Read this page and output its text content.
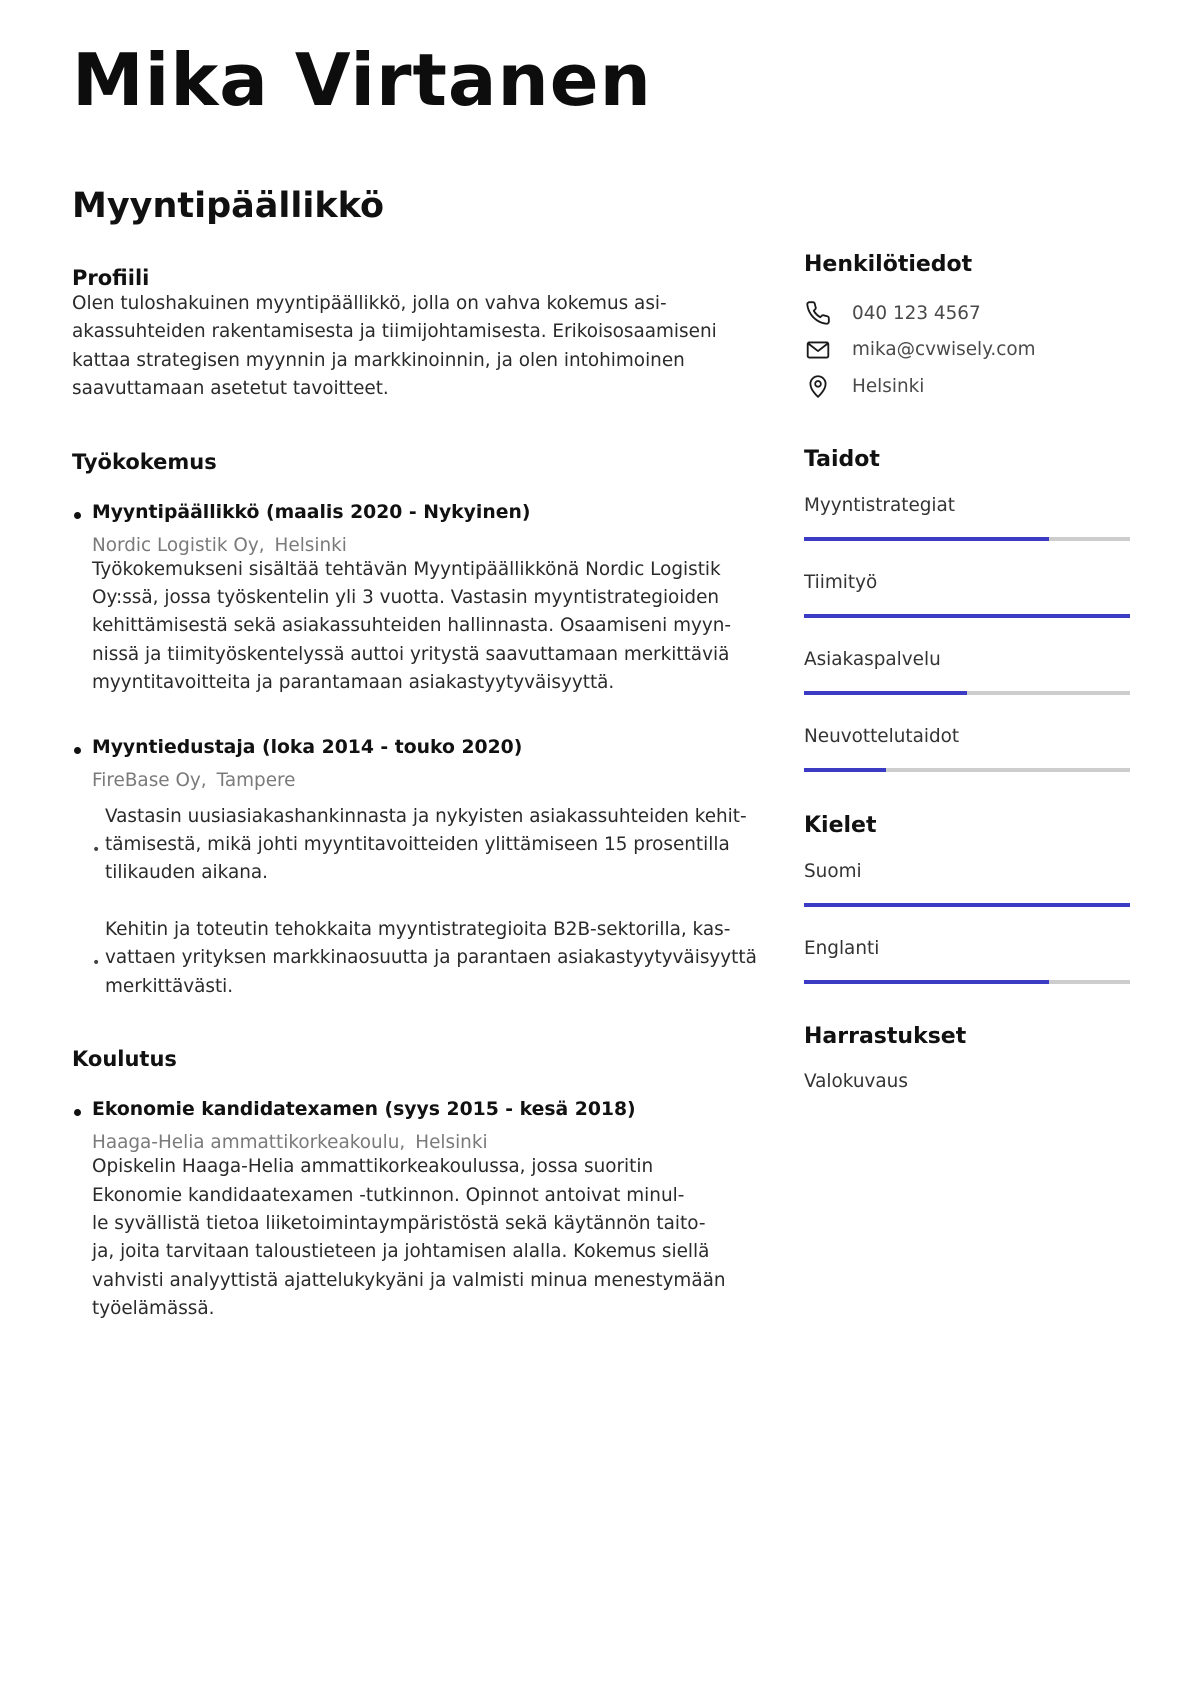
Mika Virtanen
Myyntipäällikkö
Profiili

Olen tuloshakuinen myyntipäällikkö, jolla on vahva kokemus asi-
akassuhteiden rakentamisesta ja tiimijohtamisesta. Erikoisosaamiseni
kattaa strategisen myynnin ja markkinoinnin, ja olen intohimoinen
saavuttamaan asetetut tavoitteet.

Työkokemus
Myyntipäällikkö (maalis 2020 - Nykyinen)
Nordic Logistik Oy, Helsinki

Työkokemukseni sisältää tehtävän Myyntipäällikkönä Nordic Logistik
Oy:ssä, jossa työskentelin yli 3 vuotta. Vastasin myyntistrategioiden
kehittämisestä sekä asiakassuhteiden hallinnasta. Osaamiseni myyn-
nissä ja tiimityöskentelyssä auttoi yritystä saavuttamaan merkittäviä
myyntitavoitteita ja parantamaan asiakastyytyväisyyttä.

Myyntiedustaja (loka 2014 - touko 2020)
FireBase Oy, Tampere
•

Vastasin uusiasiakashankinnasta ja nykyisten asiakassuhteiden kehit-
tämisestä, mikä johti myyntitavoitteiden ylittämiseen 15 prosentilla
tilikauden aikana.

•

Kehitin ja toteutin tehokkaita myyntistrategioita B2B-sektorilla, kas-
vattaen yrityksen markkinaosuutta ja parantaen asiakastyytyväisyyttä
merkittävästi.

Koulutus
Ekonomie kandidatexamen (syys 2015 - kesä 2018)
Haaga-Helia ammattikorkeakoulu, Helsinki

Opiskelin Haaga-Helia ammattikorkeakoulussa, jossa suoritin
Ekonomie kandidaatexamen -tutkinnon. Opinnot antoivat minul-
le syvällistä tietoa liiketoimintaympäristöstä sekä käytännön taito-
ja, joita tarvitaan taloustieteen ja johtamisen alalla. Kokemus siellä
vahvisti analyyttistä ajattelukykyäni ja valmisti minua menestymään
työelämässä.

Henkilötiedot
040 123 4567
mika@cvwisely.com
Helsinki
Taidot

Myyntistrategiat

Tiimityö

Asiakaspalvelu

Neuvottelutaidot

Kielet

Suomi

Englanti

Harrastukset

Valokuvaus
